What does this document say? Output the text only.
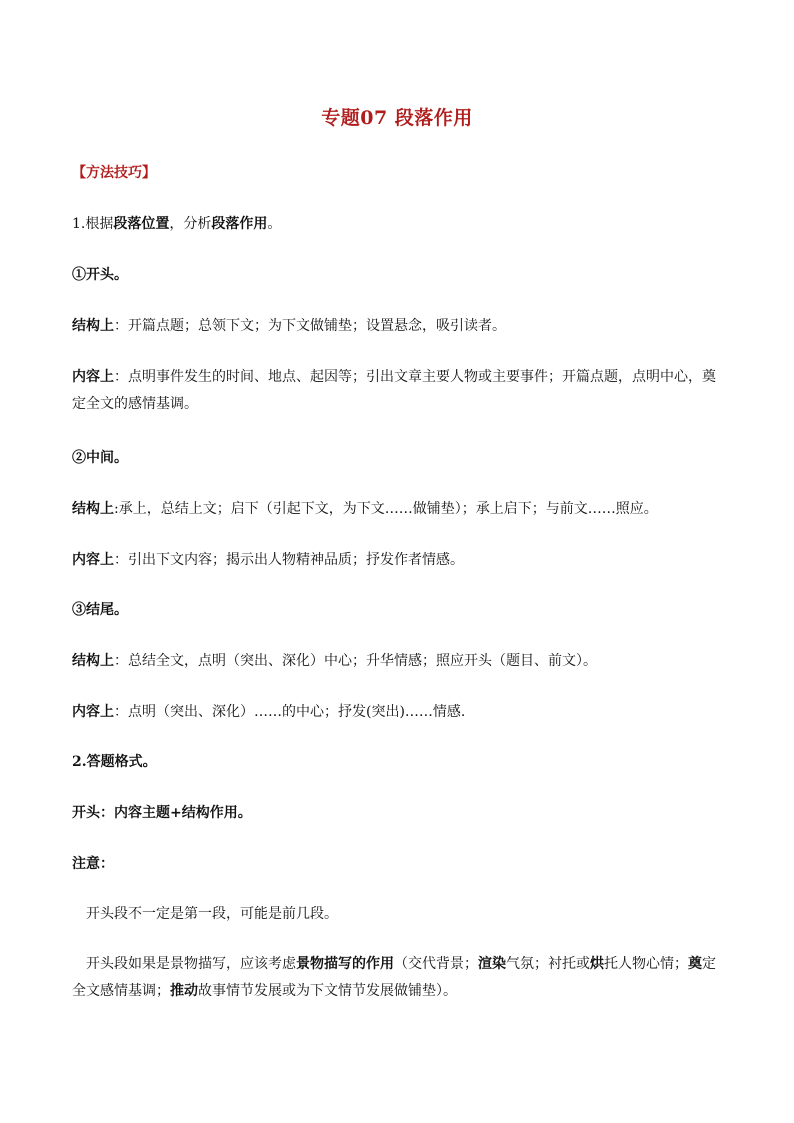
专题07 段落作用
【方法技巧】
1.根据段落位置，分析段落作用。
①开头。
结构上：开篇点题；总领下文；为下文做铺垫；设置悬念，吸引读者。
内容上：点明事件发生的时间、地点、起因等；引出文章主要人物或主要事件；开篇点题，点明中心，奠定全文的感情基调。
②中间。
结构上:承上，总结上文；启下（引起下文，为下文……做铺垫）；承上启下；与前文……照应。
内容上：引出下文内容；揭示出人物精神品质；抒发作者情感。
③结尾。
结构上：总结全文，点明（突出、深化）中心；升华情感；照应开头（题目、前文）。
内容上：点明（突出、深化）……的中心；抒发(突出)……情感.
2.答题格式。
开头：内容主题+结构作用。
注意：
开头段不一定是第一段，可能是前几段。
开头段如果是景物描写，应该考虑景物描写的作用（交代背景；渲染气氛；衬托或烘托人物心情；奠定全文感情基调；推动故事情节发展或为下文情节发展做铺垫）。
